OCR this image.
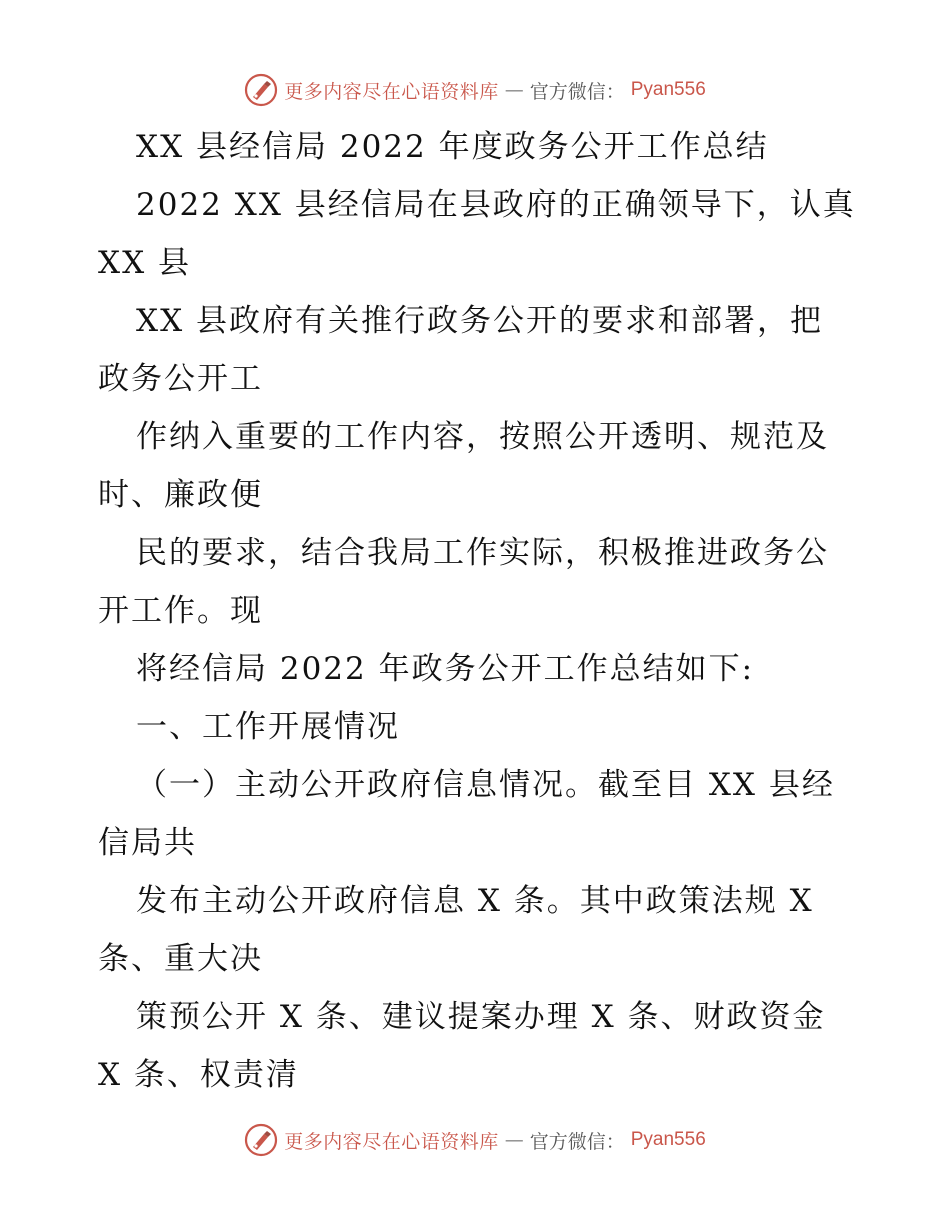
更多内容尽在心语资料库 — 官方微信： Pyan556
XX 县经信局 2022 年度政务公开工作总结
2022 XX 县经信局在县政府的正确领导下，认真
XX 县
XX 县政府有关推行政务公开的要求和部署，把
政务公开工
作纳入重要的工作内容，按照公开透明、规范及
时、廉政便
民的要求，结合我局工作实际，积极推进政务公
开工作。现
将经信局 2022 年政务公开工作总结如下:
一、工作开展情况
（一）主动公开政府信息情况。截至目 XX 县经
信局共
发布主动公开政府信息 X 条。其中政策法规 X
条、重大决
策预公开 X 条、建议提案办理 X 条、财政资金
X 条、权责清
更多内容尽在心语资料库 — 官方微信： Pyan556
